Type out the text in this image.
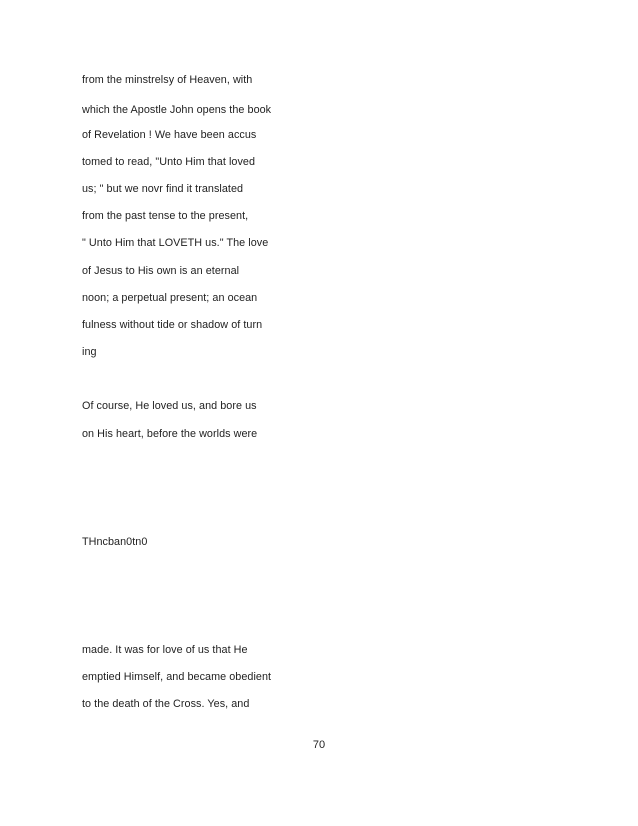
from the minstrelsy of Heaven, with
which the Apostle John opens the book
of Revelation ! We have been accus
tomed to read, "Unto Him that loved
us; " but we novr find it translated
from the past tense to the present,
" Unto Him that LOVETH us." The love
of Jesus to His own is an eternal
noon; a perpetual present; an ocean
fulness without tide or shadow of turn
ing
Of course, He loved us, and bore us
on His heart, before the worlds were
THncban0tn0
made. It was for love of us that He
emptied Himself, and became obedient
to the death of the Cross. Yes, and
70
